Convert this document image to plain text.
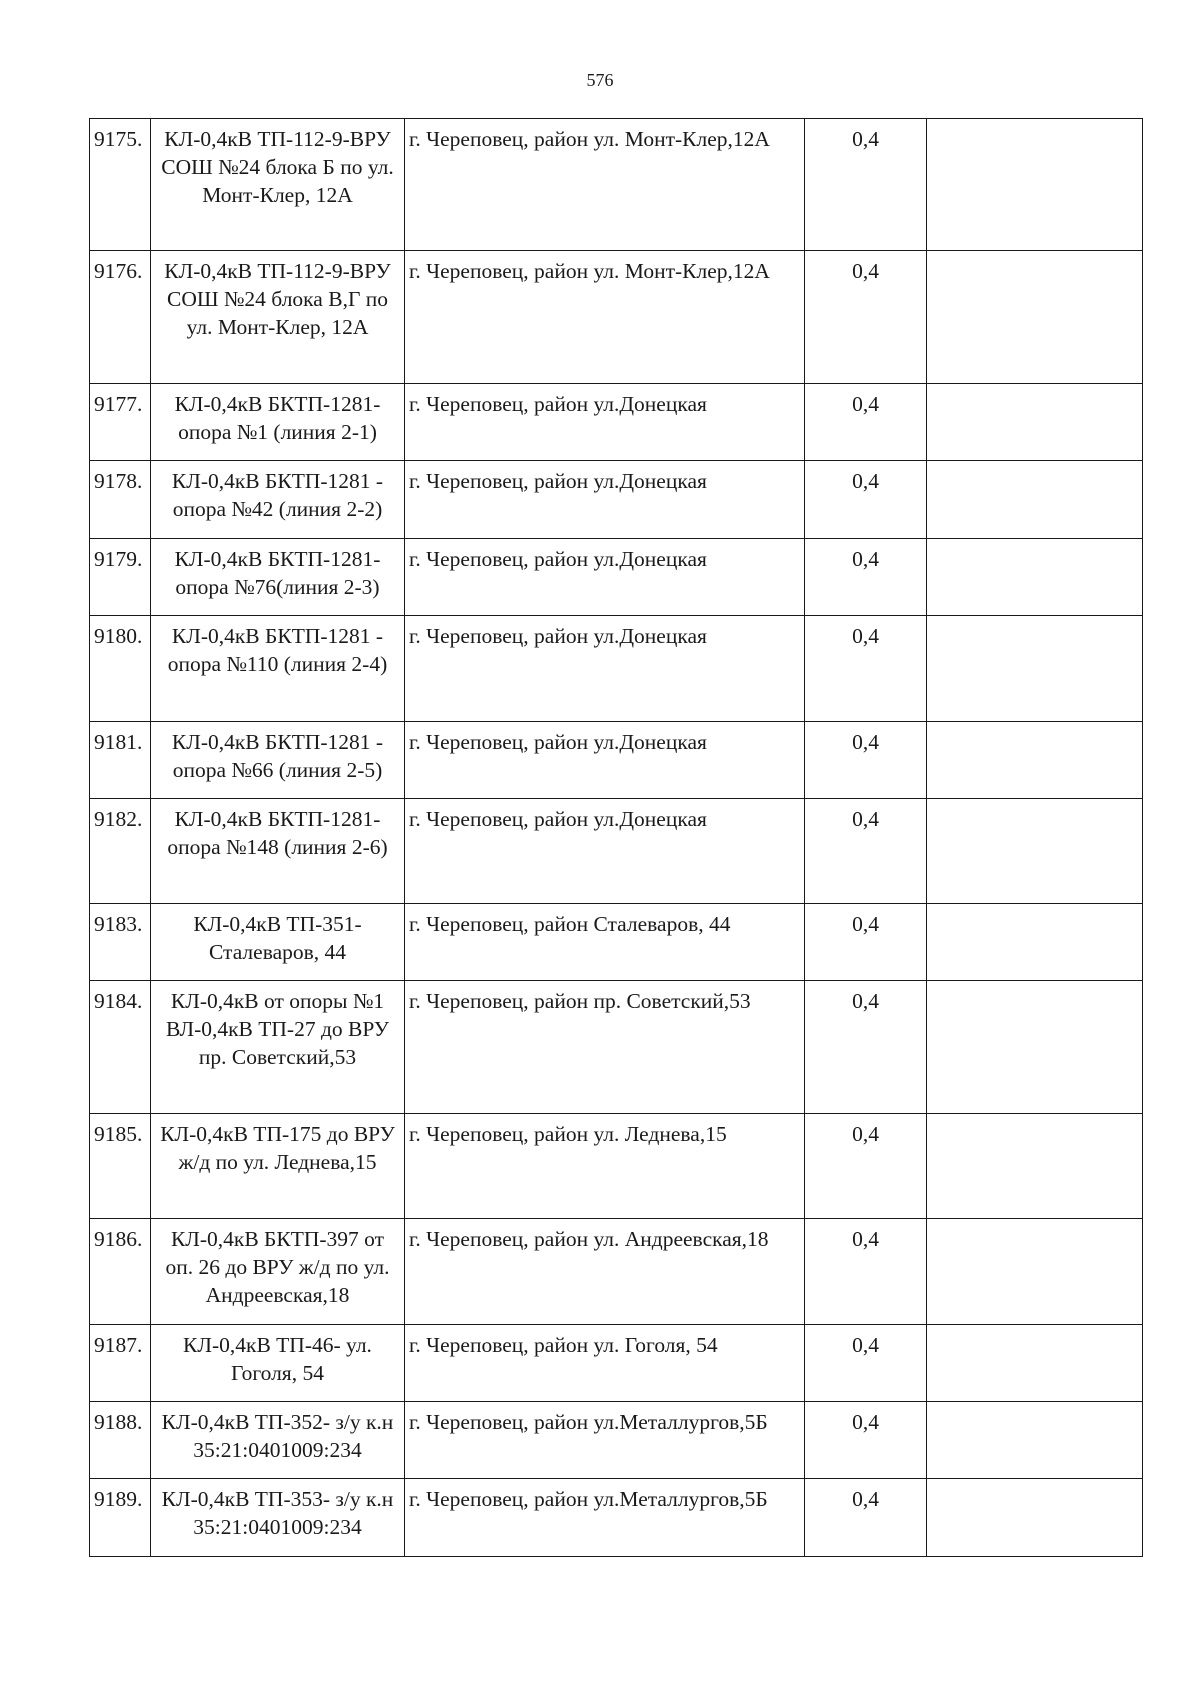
576
9175.	КЛ-0,4кВ ТП-112-9-ВРУ СОШ №24 блока Б по ул. Монт-Клер, 12А	г. Череповец, район ул. Монт-Клер,12А	0,4	
9176.	КЛ-0,4кВ ТП-112-9-ВРУ СОШ №24 блока В,Г по ул. Монт-Клер, 12А	г. Череповец, район ул. Монт-Клер,12А	0,4	
9177.	КЛ-0,4кВ БКТП-1281-опора №1 (линия 2-1)	г. Череповец, район ул.Донецкая	0,4	
9178.	КЛ-0,4кВ БКТП-1281 - опора №42 (линия 2-2)	г. Череповец, район ул.Донецкая	0,4	
9179.	КЛ-0,4кВ БКТП-1281-опора №76(линия 2-3)	г. Череповец, район ул.Донецкая	0,4	
9180.	КЛ-0,4кВ БКТП-1281 - опора №110 (линия 2-4)	г. Череповец, район ул.Донецкая	0,4	
9181.	КЛ-0,4кВ БКТП-1281 - опора №66 (линия 2-5)	г. Череповец, район ул.Донецкая	0,4	
9182.	КЛ-0,4кВ БКТП-1281-опора №148 (линия 2-6)	г. Череповец, район ул.Донецкая	0,4	
9183.	КЛ-0,4кВ ТП-351-Сталеваров, 44	г. Череповец, район Сталеваров, 44	0,4	
9184.	КЛ-0,4кВ от опоры №1 ВЛ-0,4кВ ТП-27 до ВРУ пр. Советский,53	г. Череповец, район пр. Советский,53	0,4	
9185.	КЛ-0,4кВ ТП-175 до ВРУ ж/д по ул. Леднева,15	г. Череповец, район ул. Леднева,15	0,4	
9186.	КЛ-0,4кВ БКТП-397 от оп. 26 до ВРУ ж/д по ул. Андреевская,18	г. Череповец, район ул. Андреевская,18	0,4	
9187.	КЛ-0,4кВ ТП-46- ул. Гоголя, 54	г. Череповец, район ул. Гоголя, 54	0,4	
9188.	КЛ-0,4кВ ТП-352- з/у к.н 35:21:0401009:234	г. Череповец, район ул.Металлургов,5Б	0,4	
9189.	КЛ-0,4кВ ТП-353- з/у к.н 35:21:0401009:234	г. Череповец, район ул.Металлургов,5Б	0,4	
